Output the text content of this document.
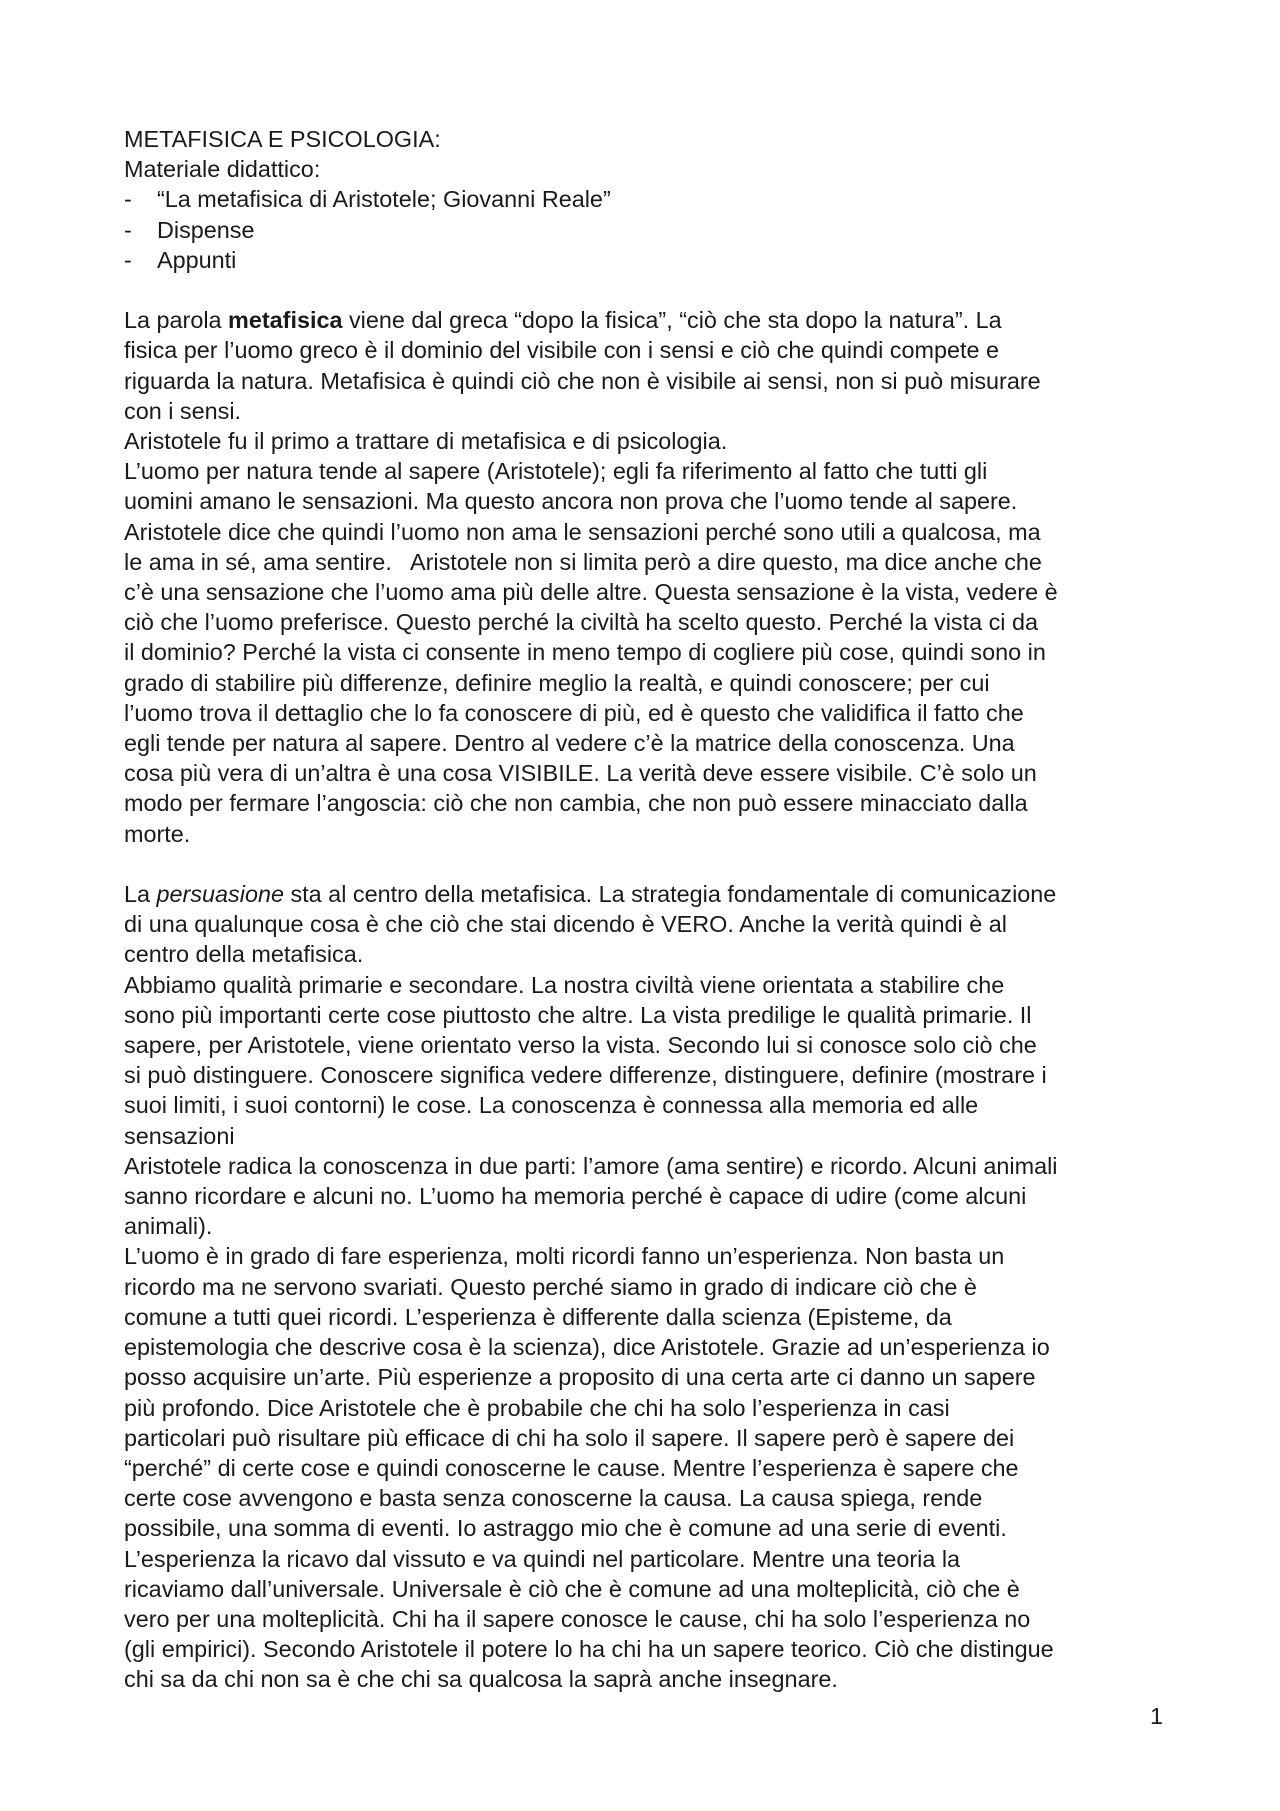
METAFISICA E PSICOLOGIA:
Materiale didattico:
- “La metafisica di Aristotele; Giovanni Reale”
- Dispense
- Appunti
La parola metafisica viene dal greca “dopo la fisica”, “ciò che sta dopo la natura”. La
fisica per l’uomo greco è il dominio del visibile con i sensi e ciò che quindi compete e
riguarda la natura. Metafisica è quindi ciò che non è visibile ai sensi, non si può misurare
con i sensi.
Aristotele fu il primo a trattare di metafisica e di psicologia.
L’uomo per natura tende al sapere (Aristotele); egli fa riferimento al fatto che tutti gli
uomini amano le sensazioni. Ma questo ancora non prova che l’uomo tende al sapere.
Aristotele dice che quindi l’uomo non ama le sensazioni perché sono utili a qualcosa, ma
le ama in sé, ama sentire.   Aristotele non si limita però a dire questo, ma dice anche che
c’è una sensazione che l’uomo ama più delle altre. Questa sensazione è la vista, vedere è
ciò che l’uomo preferisce. Questo perché la civiltà ha scelto questo. Perché la vista ci da
il dominio? Perché la vista ci consente in meno tempo di cogliere più cose, quindi sono in
grado di stabilire più differenze, definire meglio la realtà, e quindi conoscere; per cui
l’uomo trova il dettaglio che lo fa conoscere di più, ed è questo che validifica il fatto che
egli tende per natura al sapere. Dentro al vedere c’è la matrice della conoscenza. Una
cosa più vera di un’altra è una cosa VISIBILE. La verità deve essere visibile. C’è solo un
modo per fermare l’angoscia: ciò che non cambia, che non può essere minacciato dalla
morte.
La persuasione sta al centro della metafisica. La strategia fondamentale di comunicazione
di una qualunque cosa è che ciò che stai dicendo è VERO. Anche la verità quindi è al
centro della metafisica.
Abbiamo qualità primarie e secondare. La nostra civiltà viene orientata a stabilire che
sono più importanti certe cose piuttosto che altre. La vista predilige le qualità primarie. Il
sapere, per Aristotele, viene orientato verso la vista. Secondo lui si conosce solo ciò che
si può distinguere. Conoscere significa vedere differenze, distinguere, definire (mostrare i
suoi limiti, i suoi contorni) le cose. La conoscenza è connessa alla memoria ed alle
sensazioni
Aristotele radica la conoscenza in due parti: l’amore (ama sentire) e ricordo. Alcuni animali
sanno ricordare e alcuni no. L’uomo ha memoria perché è capace di udire (come alcuni
animali).
L’uomo è in grado di fare esperienza, molti ricordi fanno un’esperienza. Non basta un
ricordo ma ne servono svariati. Questo perché siamo in grado di indicare ciò che è
comune a tutti quei ricordi. L’esperienza è differente dalla scienza (Episteme, da
epistemologia che descrive cosa è la scienza), dice Aristotele. Grazie ad un’esperienza io
posso acquisire un’arte. Più esperienze a proposito di una certa arte ci danno un sapere
più profondo. Dice Aristotele che è probabile che chi ha solo l’esperienza in casi
particolari può risultare più efficace di chi ha solo il sapere. Il sapere però è sapere dei
“perché” di certe cose e quindi conoscerne le cause. Mentre l’esperienza è sapere che
certe cose avvengono e basta senza conoscerne la causa. La causa spiega, rende
possibile, una somma di eventi. Io astraggo mio che è comune ad una serie di eventi.
L’esperienza la ricavo dal vissuto e va quindi nel particolare. Mentre una teoria la
ricaviamo dall’universale. Universale è ciò che è comune ad una molteplicità, ciò che è
vero per una molteplicità. Chi ha il sapere conosce le cause, chi ha solo l’esperienza no
(gli empirici). Secondo Aristotele il potere lo ha chi ha un sapere teorico. Ciò che distingue
chi sa da chi non sa è che chi sa qualcosa la saprà anche insegnare.
1
